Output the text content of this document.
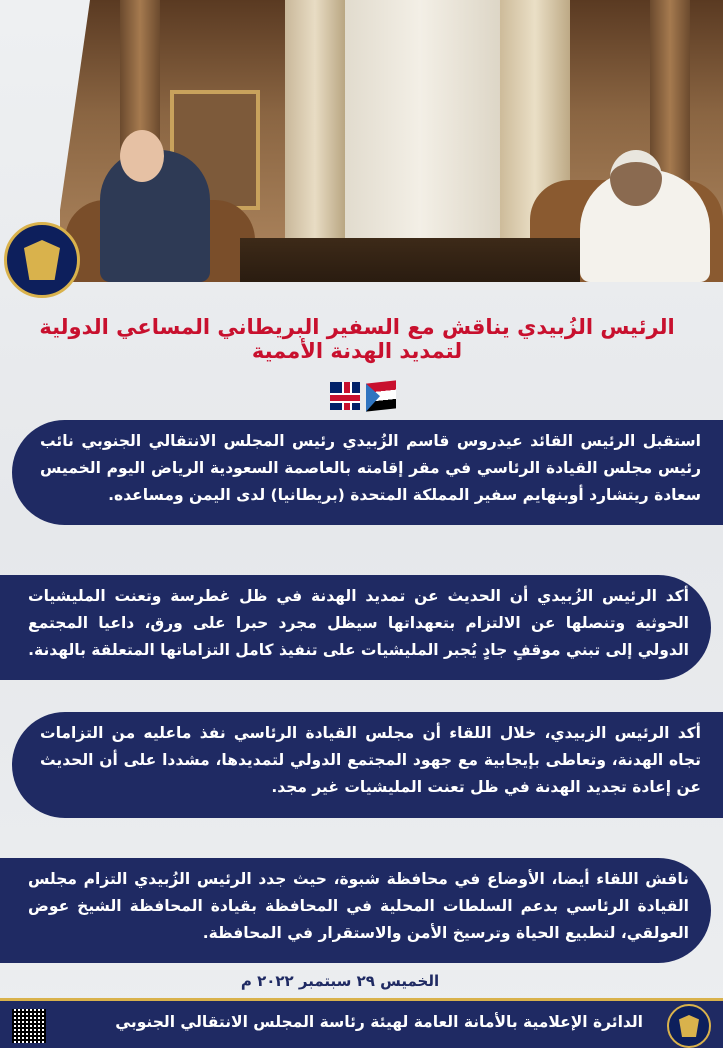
الرئيس الزُبيدي يناقش مع السفير البريطاني المساعي الدولية لتمديد الهدنة الأممية
استقبل الرئيس القائد عيدروس قاسم الزُبيدي رئيس المجلس الانتقالي الجنوبي نائب رئيس مجلس القيادة الرئاسي في مقر إقامته بالعاصمة السعودية الرياض اليوم الخميس سعادة ريتشارد أوبنهايم سفير المملكة المتحدة (بريطانيا) لدى اليمن ومساعده.
أكد الرئيس الزُبيدي أن الحديث عن تمديد الهدنة في ظل غطرسة وتعنت المليشيات الحوثية وتنصلها عن الالتزام بتعهداتها سيظل مجرد حبرا على ورق، داعيا المجتمع الدولي إلى تبني موقفٍ جادٍ يُجبر المليشيات على تنفيذ كامل التزاماتها المتعلقة بالهدنة.
أكد الرئيس الزبيدي، خلال اللقاء أن مجلس القيادة الرئاسي نفذ ماعليه من التزامات تجاه الهدنة، وتعاطى بإيجابية مع جهود المجتمع الدولي لتمديدها، مشددا على أن الحديث عن إعادة تجديد الهدنة في ظل تعنت المليشيات غير مجد.
ناقش اللقاء أيضا، الأوضاع في محافظة شبوة، حيث جدد الرئيس الزُبيدي التزام مجلس القيادة الرئاسي بدعم السلطات المحلية في المحافظة بقيادة المحافظة الشيخ عوض العولقي، لتطبيع الحياة وترسيخ الأمن والاستقرار في المحافظة.
الخميس ٢٩ سبتمبر ٢٠٢٢ م
الدائرة الإعلامية بالأمانة العامة لهيئة رئاسة المجلس الانتقالي الجنوبي
